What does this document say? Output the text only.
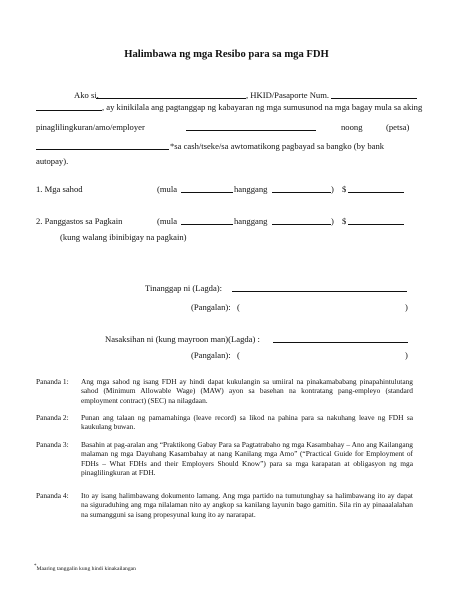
Halimbawa ng mga Resibo para sa mga FDH
Ako si,	, HKID/Pasaporte Num.
, ay kinikilala ang pagtanggap ng kabayaran ng mga sumusunod na mga bagay mula sa aking
pinaglilingkuran/amo/employer	noong	(petsa)
*sa cash/tseke/sa awtomatikong pagbayad sa bangko (by bank
autopay).
1. Mga sahod	(mula	hanggang	) $
2. Panggastos sa Pagkain	(mula	hanggang	) $
(kung walang ibinibigay na pagkain)
Tinanggap ni (Lagda):
(Pangalan): (	)
Nasaksihan ni (kung mayroon man)(Lagda) :
(Pangalan): (	)
Pananda 1: Ang mga sahod ng isang FDH ay hindi dapat kukulangin sa umiiral na pinakamababang pinapahintulutang sahod (Minimum Allowable Wage) (MAW) ayon sa basehan na kontratang pang-empleyo (standard employment contract) (SEC) na nilagdaan.
Pananda 2: Punan ang talaan ng pamamahinga (leave record) sa likod na pahina para sa nakuhang leave ng FDH sa kaukulang buwan.
Pananda 3: Basahin at pag-aralan ang “Praktikong Gabay Para sa Pagtatrabaho ng mga Kasambahay – Ano ang Kailangang malaman ng mga Dayuhang Kasambahay at nang Kanilang mga Amo” (“Practical Guide for Employment of FDHs – What FDHs and their Employers Should Know”) para sa mga karapatan at obligasyon ng mga pinaglilingkuran at FDH.
Pananda 4: Ito ay isang halimbawang dokumento lamang. Ang mga partido na tumutunghay sa halimbawang ito ay dapat na siguraduhing ang mga nilalaman nito ay angkop sa kanilang layunin bago gamitin. Sila rin ay pinaaalalahan na sumangguni sa isang propesyunal kung ito ay nararapat.
*Maaring tanggalin kung hindi kinakailangan
